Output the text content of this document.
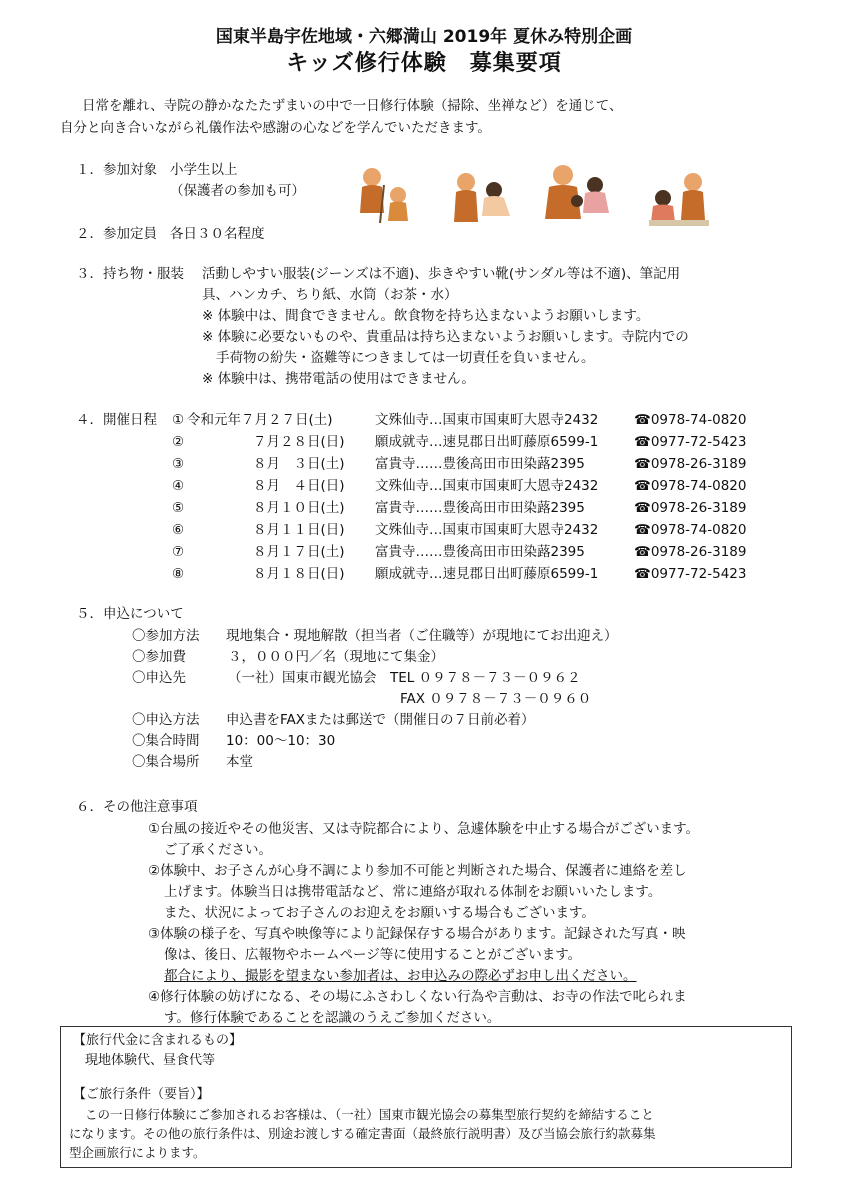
国東半島宇佐地域・六郷満山 2019年 夏休み特別企画
キッズ修行体験　募集要項
日常を離れ、寺院の静かなたたずまいの中で一日修行体験（掃除、坐禅など）を通じて、
自分と向き合いながら礼儀作法や感謝の心などを学んでいただきます。
１．参加対象 小学生以上
（保護者の参加も可）
２．参加定員 各日３０名程度
３．持ち物・服装 活動しやすい服装(ジーンズは不適)、歩きやすい靴(サンダル等は不適)、筆記用
具、ハンカチ、ちり紙、水筒（お茶・水）
※ 体験中は、間食できません。飲食物を持ち込まないようお願いします。
※ 体験に必要ないものや、貴重品は持ち込まないようお願いします。寺院内での
手荷物の紛失・盗難等につきましては一切責任を負いません。
※ 体験中は、携帯電話の使用はできません。
４．開催日程 ① 令和元年７月２７日(土)	文殊仙寺…国東市国東町大恩寺2432	☎0978-74-0820
②	７月２８日(日) 願成就寺…速見郡日出町藤原6599-1	☎0977-72-5423
③	８月　３日(土) 富貴寺……豊後高田市田染蕗2395	☎0978-26-3189
④	８月　４日(日) 文殊仙寺…国東市国東町大恩寺2432	☎0978-74-0820
⑤	８月１０日(土) 富貴寺……豊後高田市田染蕗2395	☎0978-26-3189
⑥	８月１１日(日) 文殊仙寺…国東市国東町大恩寺2432	☎0978-74-0820
⑦	８月１７日(土) 富貴寺……豊後高田市田染蕗2395	☎0978-26-3189
⑧	８月１８日(日) 願成就寺…速見郡日出町藤原6599-1	☎0977-72-5423
５．申込について
〇参加方法 現地集合・現地解散（担当者（ご住職等）が現地にてお出迎え）
〇参加費	３，０００円／名（現地にて集金）
〇申込先	（一社）国東市観光協会　TEL ０９７８－７３－０９６２
FAX ０９７８－７３－０９６０
〇申込方法 申込書をFAXまたは郵送で（開催日の７日前必着）
〇集合時間 10：00～10：30
〇集合場所 本堂
６．その他注意事項
①台風の接近やその他災害、又は寺院都合により、急遽体験を中止する場合がございます。
ご了承ください。
②体験中、お子さんが心身不調により参加不可能と判断された場合、保護者に連絡を差し
上げます。体験当日は携帯電話など、常に連絡が取れる体制をお願いいたします。
また、状況によってお子さんのお迎えをお願いする場合もございます。
③体験の様子を、写真や映像等により記録保存する場合があります。記録された写真・映
像は、後日、広報物やホームページ等に使用することがございます。
都合により、撮影を望まない参加者は、お申込みの際必ずお申し出ください。
④修行体験の妨げになる、その場にふさわしくない行為や言動は、お寺の作法で叱られま
す。修行体験であることを認識のうえご参加ください。
【旅行代金に含まれるもの】
現地体験代、昼食代等
【ご旅行条件（要旨）】
この一日修行体験にご参加されるお客様は、（一社）国東市観光協会の募集型旅行契約を締結すること
になります。その他の旅行条件は、別途お渡しする確定書面（最終旅行説明書）及び当協会旅行約款募集
型企画旅行によります。
